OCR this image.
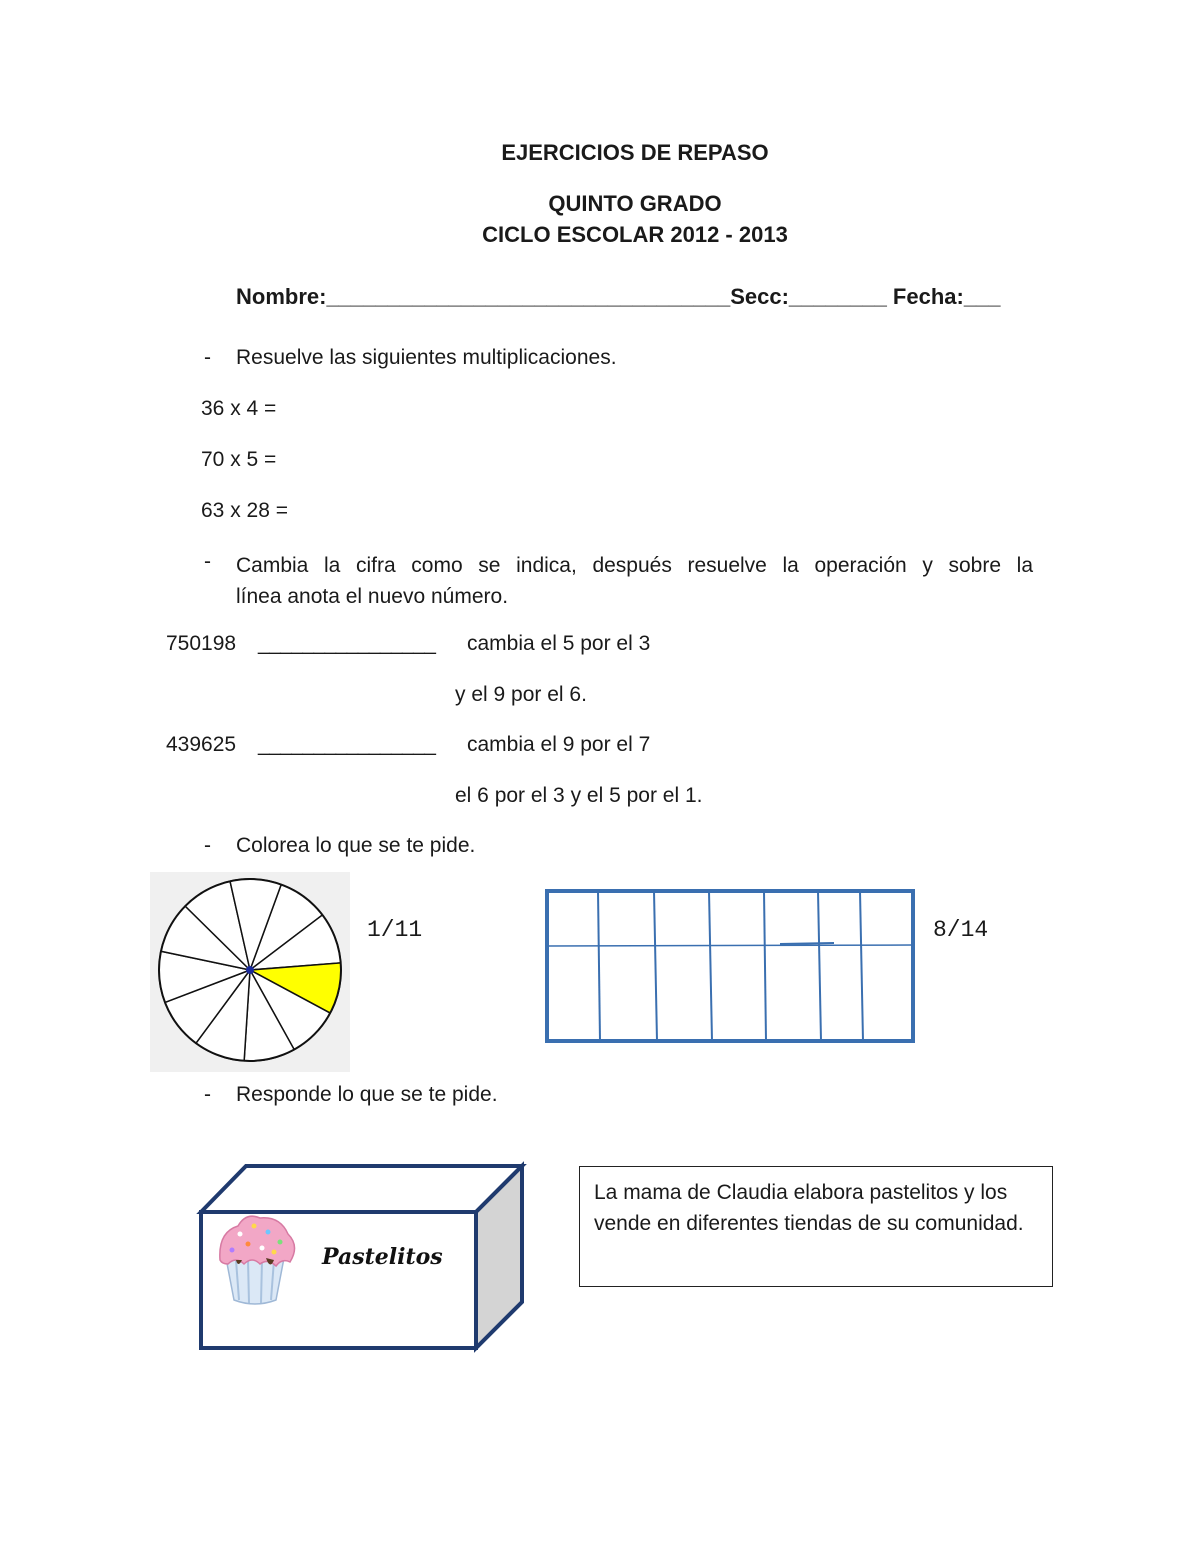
EJERCICIOS DE REPASO
QUINTO GRADO
CICLO ESCOLAR 2012 - 2013
Nombre:_________________________________Secc:________ Fecha:___
- Resuelve las siguientes multiplicaciones.
36 x 4 =
70 x 5 =
63 x 28 =
- Cambia la cifra como se indica, después resuelve la operación y sobre la
línea anota el nuevo número.
750198 ________________ cambia el 5 por el 3
y el 9 por el 6.
439625 ________________ cambia el 9 por el 7
el 6 por el 3 y el 5 por el 1.
- Colorea lo que se te pide.
1/11	8/14
- Responde lo que se te pide.
Pastelitos
La mama de Claudia elabora pastelitos y los vende en diferentes tiendas de su comunidad.
